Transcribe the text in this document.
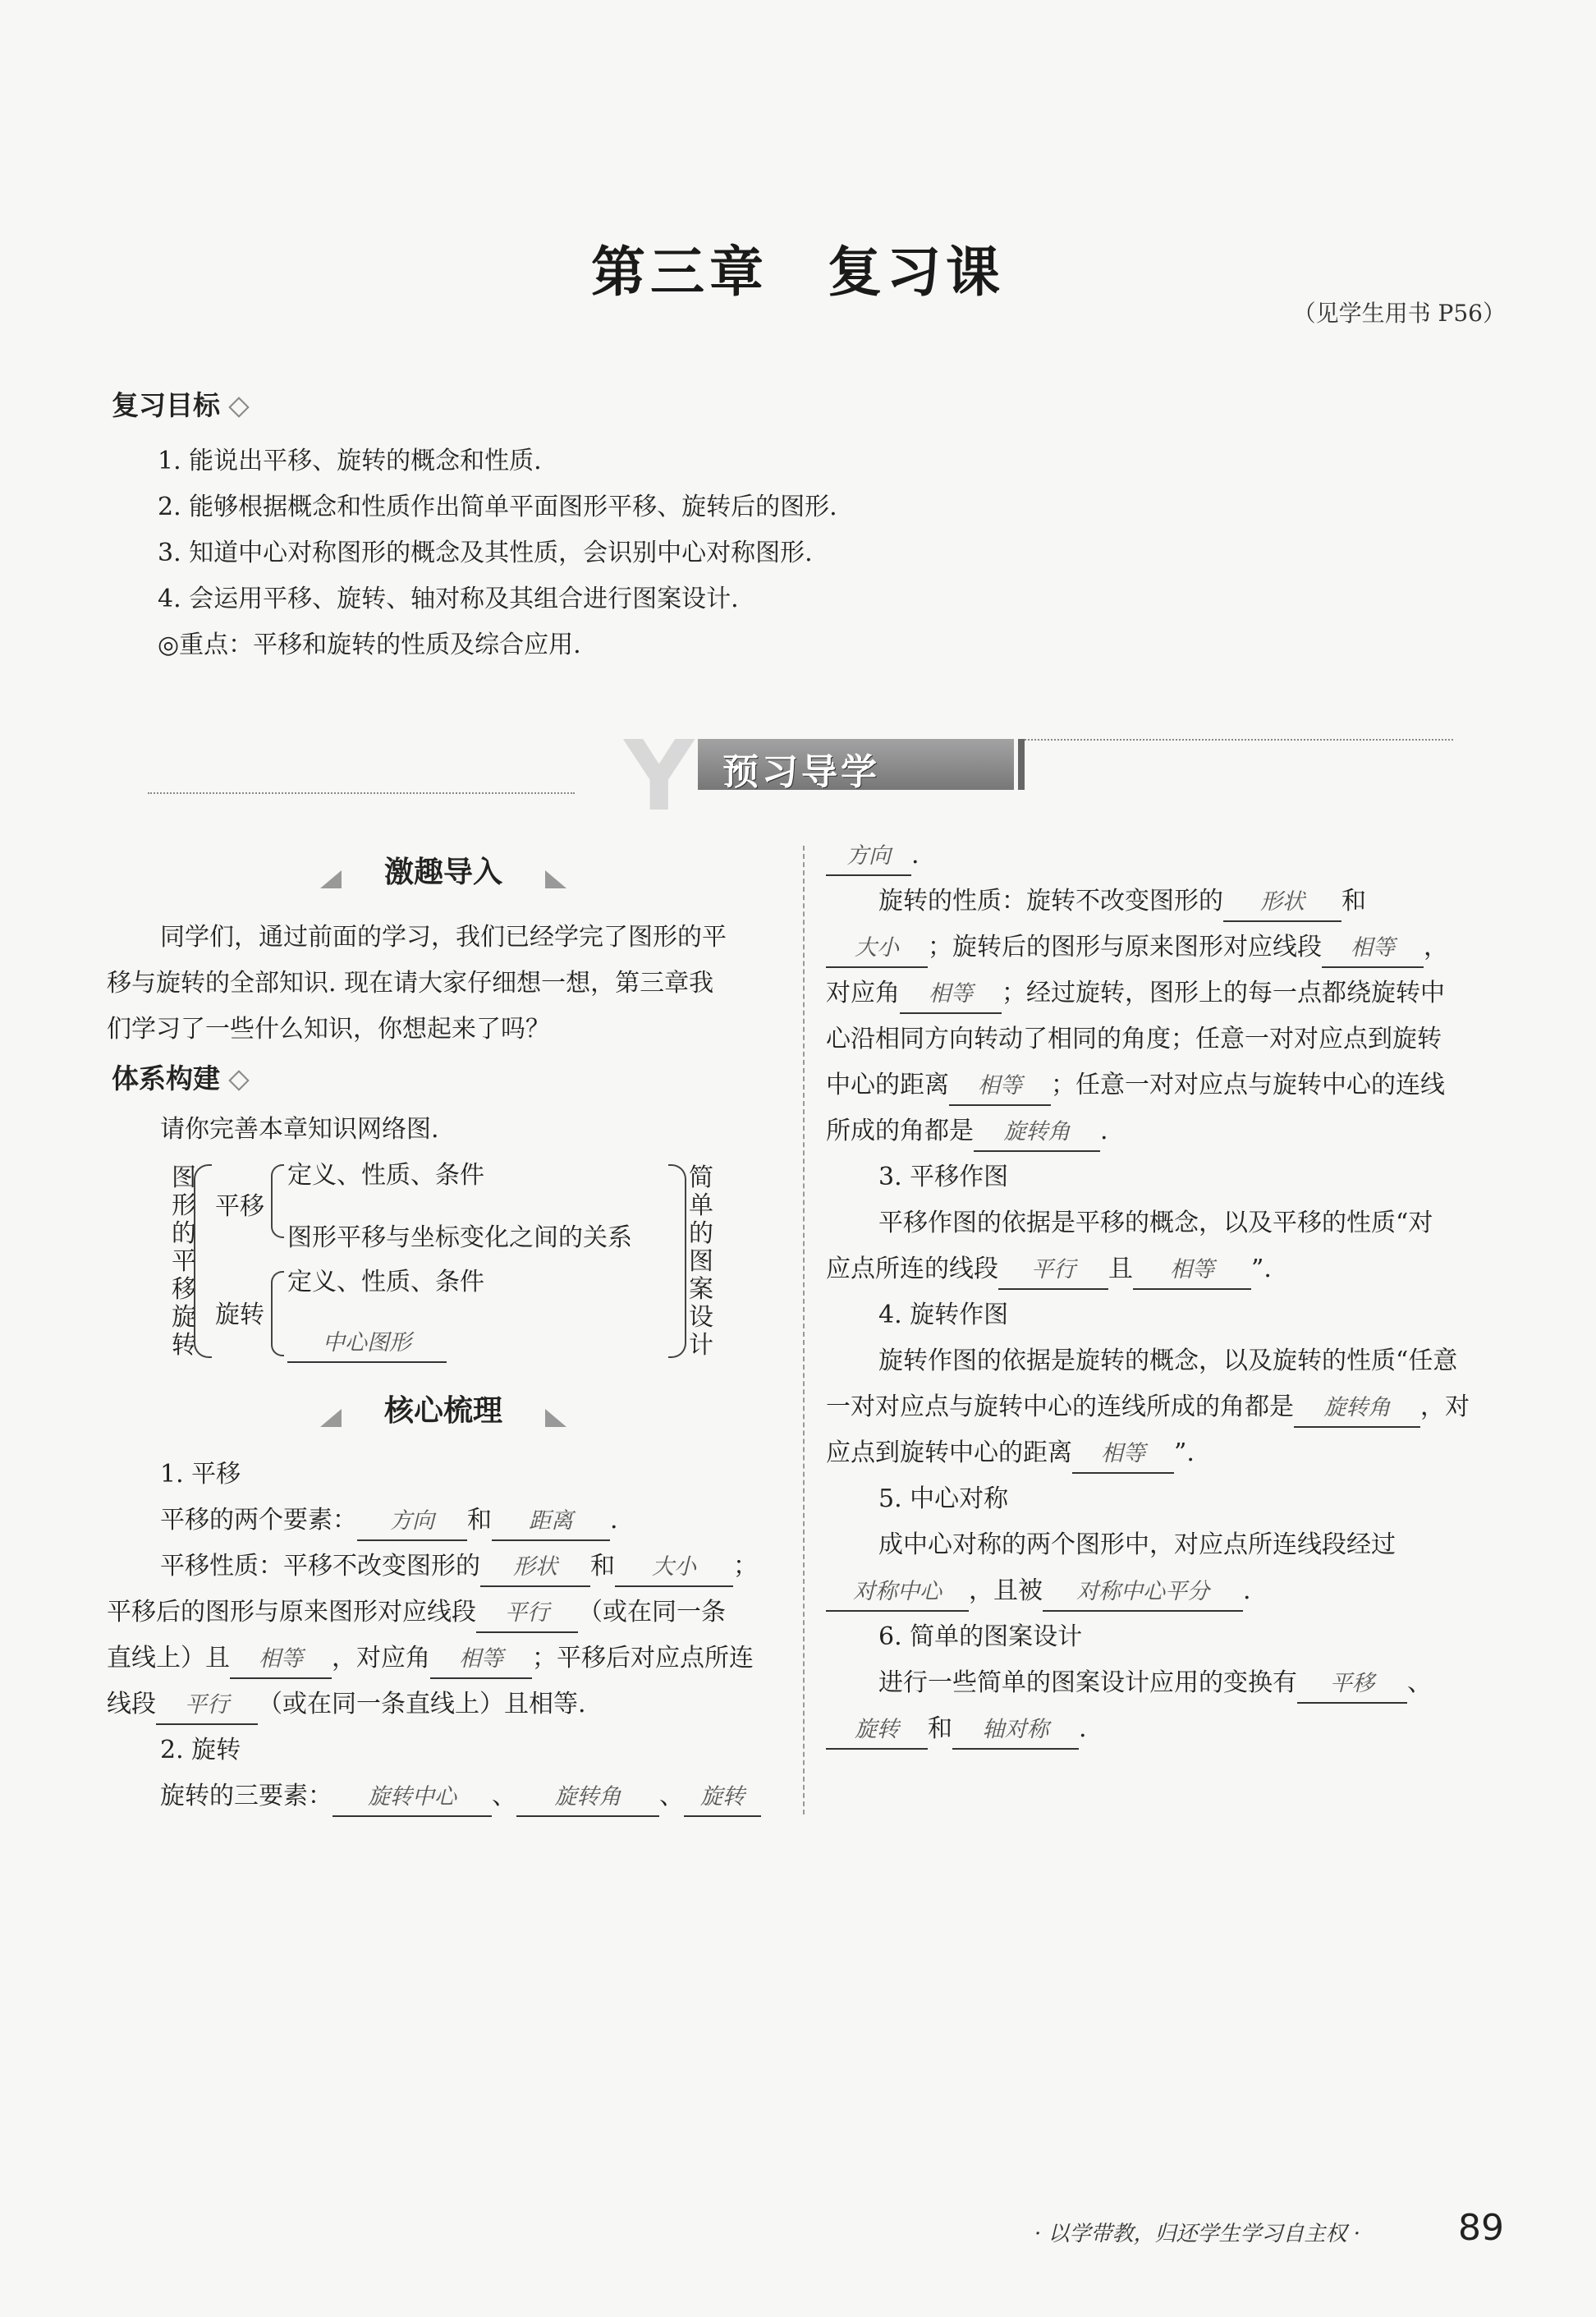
第三章　复习课
（见学生用书 P56）
复习目标
1. 能说出平移、旋转的概念和性质.
2. 能够根据概念和性质作出简单平面图形平移、旋转后的图形.
3. 知道中心对称图形的概念及其性质，会识别中心对称图形.
4. 会运用平移、旋转、轴对称及其组合进行图案设计.
◎重点：平移和旋转的性质及综合应用.
Y 预习导学
激趣导入
同学们，通过前面的学习，我们已经学完了图形的平
移与旋转的全部知识. 现在请大家仔细想一想，第三章我
们学习了一些什么知识，你想起来了吗？
体系构建
请你完善本章知识网络图.
图形的平移旋转
平移
定义、性质、条件
图形平移与坐标变化之间的关系
旋转
定义、性质、条件
中心图形
简单的图案设计
核心梳理
1. 平移
平移的两个要素： 方向 和 距离 .
平移性质：平移不改变图形的 形状 和 大小 ；
平移后的图形与原来图形对应线段 平行 （或在同一条
直线上）且 相等 ，对应角 相等 ；平移后对应点所连
线段 平行 （或在同一条直线上）且相等.
2. 旋转
旋转的三要素： 旋转中心 、 旋转角 、 旋转
方向 .
旋转的性质：旋转不改变图形的 形状 和
大小 ；旋转后的图形与原来图形对应线段 相等 ，
对应角 相等 ；经过旋转，图形上的每一点都绕旋转中
心沿相同方向转动了相同的角度；任意一对对应点到旋转
中心的距离 相等 ；任意一对对应点与旋转中心的连线
所成的角都是 旋转角 .
3. 平移作图
平移作图的依据是平移的概念，以及平移的性质“对
应点所连的线段 平行 且 相等 ”.
4. 旋转作图
旋转作图的依据是旋转的概念，以及旋转的性质“任意
一对对应点与旋转中心的连线所成的角都是 旋转角 ，对
应点到旋转中心的距离 相等 ”.
5. 中心对称
成中心对称的两个图形中，对应点所连线段经过
对称中心 ，且被 对称中心平分 .
6. 简单的图案设计
进行一些简单的图案设计应用的变换有 平移 、
旋转 和 轴对称 .
· 以学带教，归还学生学习自主权 ·	89
